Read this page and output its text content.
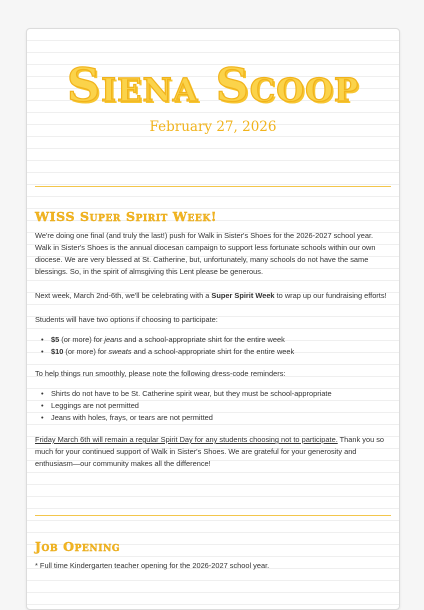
Siena Scoop
February 27, 2026
WISS Super Spirit Week!

We're doing one final (and truly the last!) push for Walk in Sister's Shoes for the 2026-2027 school year. Walk in Sister's Shoes is the annual diocesan campaign to support less fortunate schools within our own diocese. We are very blessed at St. Catherine, but, unfortunately, many schools do not have the same blessings. So, in the spirit of almsgiving this Lent please be generous.

Next week, March 2nd-6th, we'll be celebrating with a Super Spirit Week to wrap up our fundraising efforts!

Students will have two options if choosing to participate:

• $5 (or more) for jeans and a school-appropriate shirt for the entire week
• $10 (or more) for sweats and a school-appropriate shirt for the entire week

To help things run smoothly, please note the following dress-code reminders:

• Shirts do not have to be St. Catherine spirit wear, but they must be school-appropriate
• Leggings are not permitted
• Jeans with holes, frays, or tears are not permitted

Friday March 6th will remain a regular Spirit Day for any students choosing not to participate. Thank you so much for your continued support of Walk in Sister's Shoes. We are grateful for your generosity and enthusiasm—our community makes all the difference!

Job Opening

* Full time Kindergarten teacher opening for the 2026-2027 school year.
